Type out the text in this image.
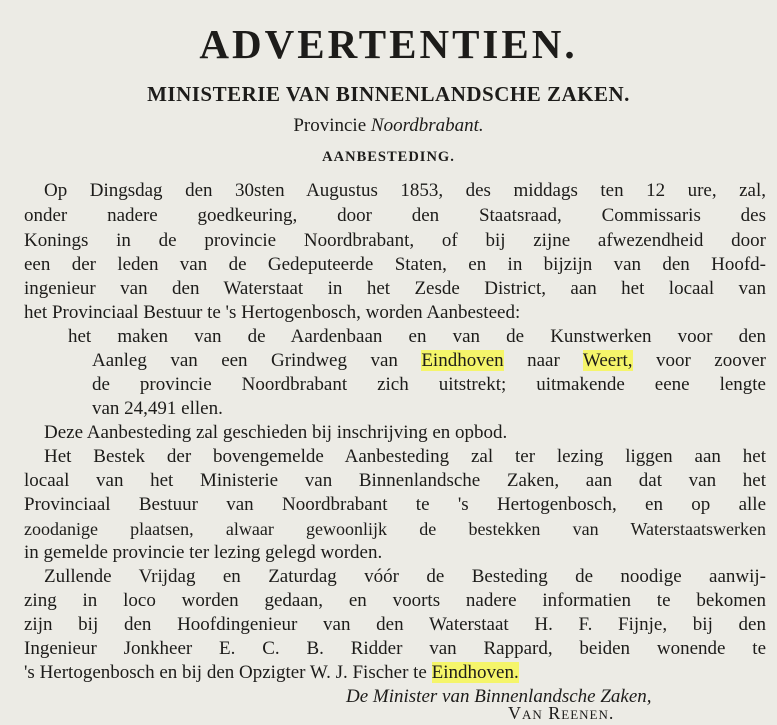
ADVERTENTIEN.
MINISTERIE VAN BINNENLANDSCHE ZAKEN.
Provincie Noordbrabant.
AANBESTEDING.
Op Dingsdag den 30sten Augustus 1853, des middags ten 12 ure, zal,
onder nadere goedkeuring, door den Staatsraad, Commissaris des
Konings in de provincie Noordbrabant, of bij zijne afwezendheid door
een der leden van de Gedeputeerde Staten, en in bijzijn van den Hoofd-
ingenieur van den Waterstaat in het Zesde District, aan het locaal van
het Provinciaal Bestuur te 's Hertogenbosch, worden Aanbesteed:
het maken van de Aardenbaan en van de Kunstwerken voor den
Aanleg van een Grindweg van Eindhoven naar Weert, voor zoover
de provincie Noordbrabant zich uitstrekt; uitmakende eene lengte
van 24,491 ellen.
Deze Aanbesteding zal geschieden bij inschrijving en opbod.
Het Bestek der bovengemelde Aanbesteding zal ter lezing liggen aan het
locaal van het Ministerie van Binnenlandsche Zaken, aan dat van het
Provinciaal Bestuur van Noordbrabant te 's Hertogenbosch, en op alle
zoodanige plaatsen, alwaar gewoonlijk de bestekken van Waterstaatswerken
in gemelde provincie ter lezing gelegd worden.
Zullende Vrijdag en Zaturdag vóór de Besteding de noodige aanwij-
zing in loco worden gedaan, en voorts nadere informatien te bekomen
zijn bij den Hoofdingenieur van den Waterstaat H. F. Fijnje, bij den
Ingenieur Jonkheer E. C. B. Ridder van Rappard, beiden wonende te
's Hertogenbosch en bij den Opzigter W. J. Fischer te Eindhoven.
De Minister van Binnenlandsche Zaken,
Van Reenen.
